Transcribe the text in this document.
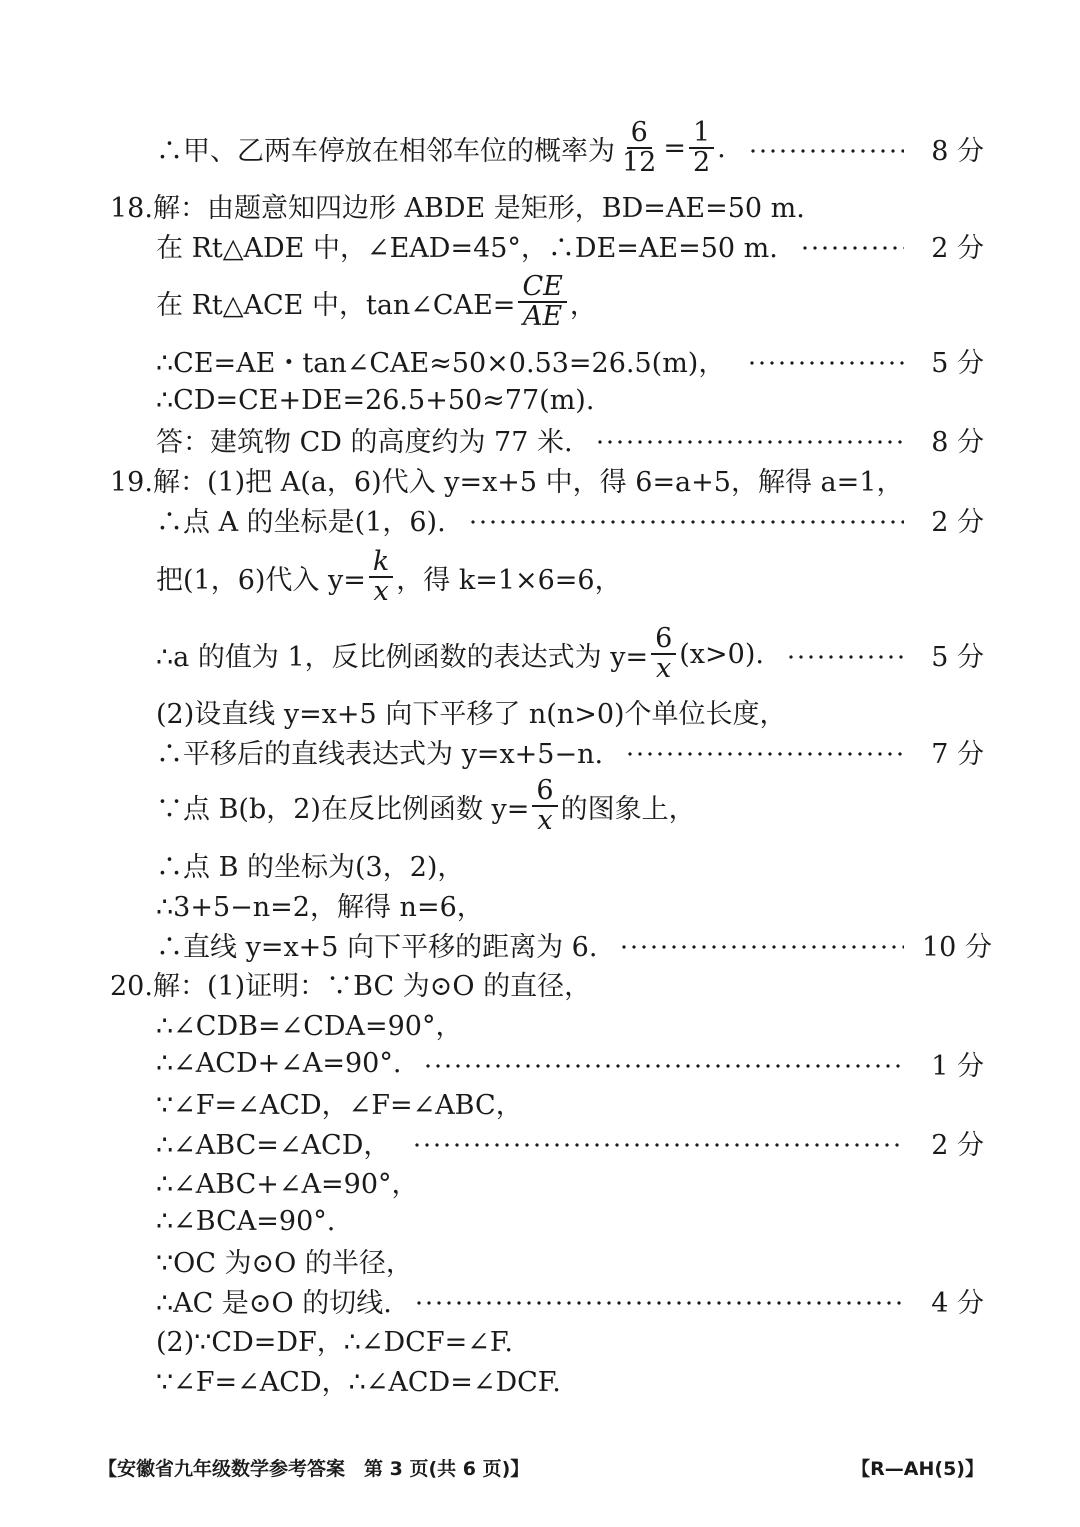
∴甲、乙两车停放在相邻车位的概率为 $\frac{6}{12} = \frac{1}{2}$ .	8 分
18.解：由题意知四边形 ABDE 是矩形，BD=AE=50 m.
在 Rt△ADE 中，∠EAD=45°，∴DE=AE=50 m.	2 分
在 Rt△ACE 中，tan∠CAE= $\frac{CE}{AE}$ ，
∴CE=AE・tan∠CAE≈50×0.53=26.5(m)，	5 分
∴CD=CE+DE=26.5+50≈77(m).
答：建筑物 CD 的高度约为 77 米.	8 分
19.解：(1)把 A(a，6)代入 y=x+5 中，得 6=a+5，解得 a=1，
∴点 A 的坐标是(1，6).	2 分
把(1，6)代入 $y= \frac{k}{x}$ ，得 k=1×6=6，
∴a 的值为 1，反比例函数的表达式为 $y= \frac{6}{x} (x>0)$.	5 分
(2)设直线 y=x+5 向下平移了 n(n>0)个单位长度，
∴平移后的直线表达式为 y=x+5−n.	7 分
∵点 B(b，2)在反比例函数 $y= \frac{6}{x}$ 的图象上，
∴点 B 的坐标为(3，2)，
∴3+5−n=2，解得 n=6，
∴直线 y=x+5 向下平移的距离为 6.	10 分
20.解：(1)证明：∵BC 为⊙O 的直径，
∴∠CDB=∠CDA=90°，
∴∠ACD+∠A=90°.	1 分
∵∠F=∠ACD，∠F=∠ABC，
∴∠ABC=∠ACD，	2 分
∴∠ABC+∠A=90°，
∴∠BCA=90°.
∵OC 为⊙O 的半径，
∴AC 是⊙O 的切线.	4 分
(2)∵CD=DF，∴∠DCF=∠F.
∵∠F=∠ACD，∴∠ACD=∠DCF.
【安徽省九年级数学参考答案　第 3 页(共 6 页)】	【R—AH(5)】
